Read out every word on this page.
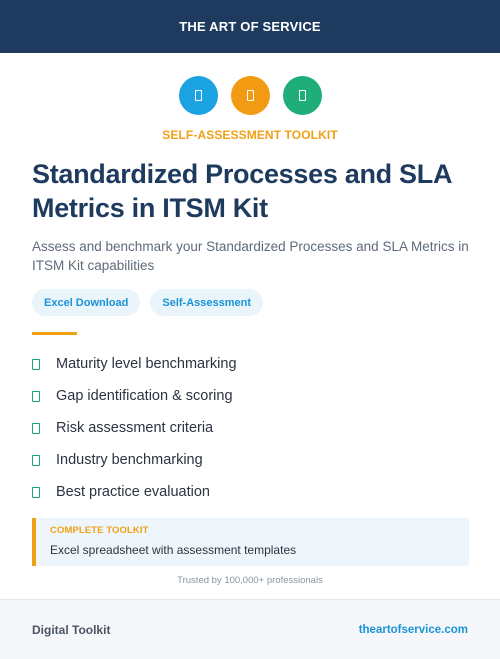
THE ART OF SERVICE
SELF-ASSESSMENT TOOLKIT
Standardized Processes and SLA Metrics in ITSM Kit

Assess and benchmark your Standardized Processes and SLA Metrics in ITSM Kit capabilities

Excel Download	Self-Assessment
Maturity level benchmarking
Gap identification & scoring
Risk assessment criteria
Industry benchmarking
Best practice evaluation
COMPLETE TOOLKIT
Excel spreadsheet with assessment templates
Trusted by 100,000+ professionals
Digital Toolkit	theartofservice.com
